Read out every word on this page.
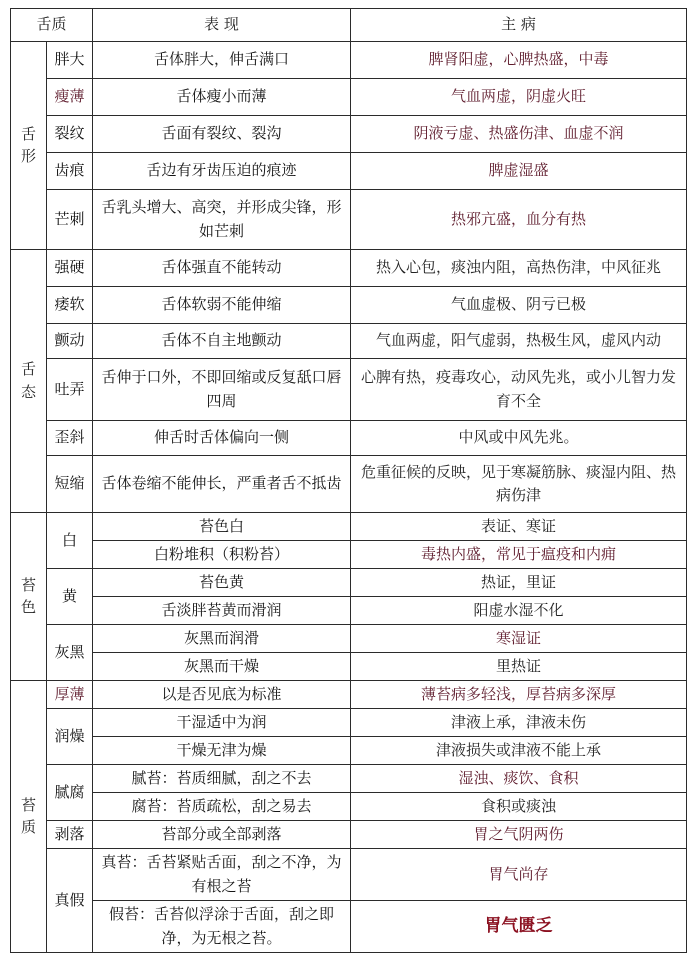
舌质		表 现	主 病
舌形	胖大	舌体胖大，伸舌满口	脾肾阳虚，心脾热盛，中毒
	瘦薄	舌体瘦小而薄	气血两虚，阴虚火旺
	裂纹	舌面有裂纹、裂沟	阴液亏虚、热盛伤津、血虚不润
	齿痕	舌边有牙齿压迫的痕迹	脾虚湿盛
	芒刺	舌乳头增大、高突，并形成尖锋，形如芒刺	热邪亢盛，血分有热
舌态	强硬	舌体强直不能转动	热入心包，痰浊内阻，高热伤津，中风征兆
	痿软	舌体软弱不能伸缩	气血虚极、阴亏已极
	颤动	舌体不自主地颤动	气血两虚，阳气虚弱，热极生风，虚风内动
	吐弄	舌伸于口外，不即回缩或反复舐口唇四周	心脾有热，疫毒攻心，动风先兆，或小儿智力发育不全
	歪斜	伸舌时舌体偏向一侧	中风或中风先兆。
	短缩	舌体卷缩不能伸长，严重者舌不抵齿	危重征候的反映，见于寒凝筋脉、痰湿内阻、热病伤津
苔色	白	苔色白	表证、寒证
		白粉堆积（积粉苔）	毒热内盛，常见于瘟疫和内痈
	黄	苔色黄	热证，里证
		舌淡胖苔黄而滑润	阳虚水湿不化
	灰黑	灰黑而润滑	寒湿证
		灰黑而干燥	里热证
苔质	厚薄	以是否见底为标准	薄苔病多轻浅，厚苔病多深厚
	润燥	干湿适中为润	津液上承，津液未伤
		干燥无津为燥	津液损失或津液不能上承
	腻腐	腻苔：苔质细腻，刮之不去	湿浊、痰饮、食积
		腐苔：苔质疏松，刮之易去	食积或痰浊
	剥落	苔部分或全部剥落	胃之气阴两伤
	真假	真苔：舌苔紧贴舌面，刮之不净，为有根之苔	胃气尚存
		假苔：舌苔似浮涂于舌面，刮之即净，为无根之苔。	胃气匮乏
